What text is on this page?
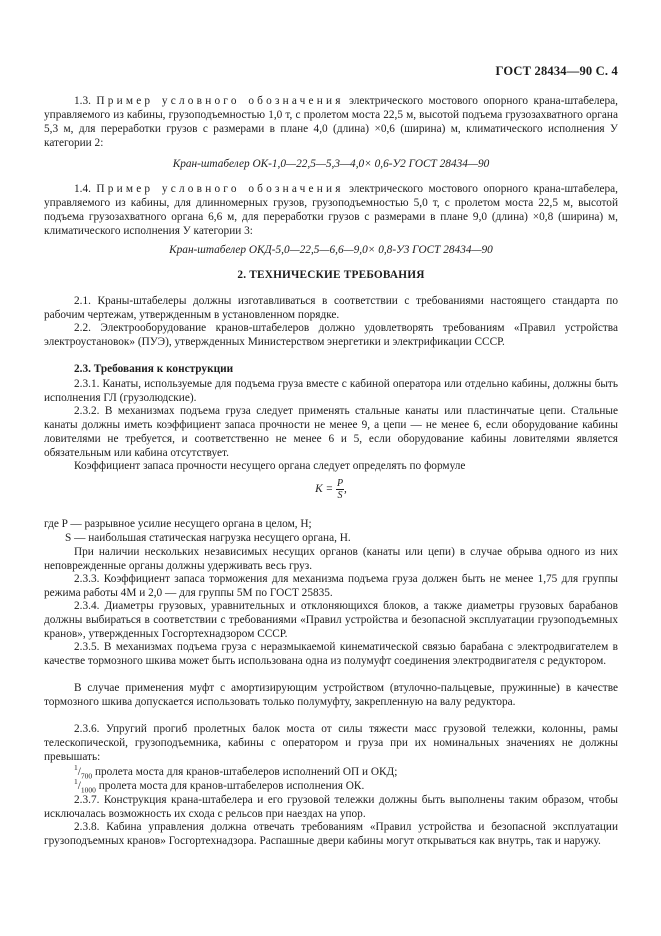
ГОСТ 28434—90 С. 4

1.3. Пример условного обозначения электрического мостового опорного крана-штабелера, управляемого из кабины, грузоподъемностью 1,0 т, с пролетом моста 22,5 м, высотой подъема грузозахватного органа 5,3 м, для переработки грузов с размерами в плане 4,0 (длина) ×0,6 (ширина) м, климатического исполнения У категории 2:

Кран-штабелер ОК-1,0—22,5—5,3—4,0× 0,6-У2 ГОСТ 28434—90

1.4. Пример условного обозначения электрического мостового опорного крана-штабелера, управляемого из кабины, для длинномерных грузов, грузоподъемностью 5,0 т, с пролетом моста 22,5 м, высотой подъема грузозахватного органа 6,6 м, для переработки грузов с размерами в плане 9,0 (длина) ×0,8 (ширина) м, климатического исполнения У категории 3:

Кран-штабелер ОКД-5,0—22,5—6,6—9,0× 0,8-У3 ГОСТ 28434—90

2. ТЕХНИЧЕСКИЕ ТРЕБОВАНИЯ

2.1. Краны-штабелеры должны изготавливаться в соответствии с требованиями настоящего стандарта по рабочим чертежам, утвержденным в установленном порядке.

2.2. Электрооборудование кранов-штабелеров должно удовлетворять требованиям «Правил устройства электроустановок» (ПУЭ), утвержденных Министерством энергетики и электрификации СССР.

2.3. Требования к конструкции

2.3.1. Канаты, используемые для подъема груза вместе с кабиной оператора или отдельно кабины, должны быть исполнения ГЛ (грузолюдские).

2.3.2. В механизмах подъема груза следует применять стальные канаты или пластинчатые цепи. Стальные канаты должны иметь коэффициент запаса прочности не менее 9, а цепи — не менее 6, если оборудование кабины ловителями не требуется, и соответственно не менее 6 и 5, если оборудование кабины ловителями является обязательным или кабина отсутствует.

Коэффициент запаса прочности несущего органа следует определять по формуле

$K = \frac{P}{S}$ ,

где P — разрывное усилие несущего органа в целом, Н;

S — наибольшая статическая нагрузка несущего органа, Н.

При наличии нескольких независимых несущих органов (канаты или цепи) в случае обрыва одного из них неповрежденные органы должны удерживать весь груз.

2.3.3. Коэффициент запаса торможения для механизма подъема груза должен быть не менее 1,75 для группы режима работы 4М и 2,0 — для группы 5М по ГОСТ 25835.

2.3.4. Диаметры грузовых, уравнительных и отклоняющихся блоков, а также диаметры грузовых барабанов должны выбираться в соответствии с требованиями «Правил устройства и безопасной эксплуатации грузоподъемных кранов», утвержденных Госгортехнадзором СССР.

2.3.5. В механизмах подъема груза с неразмыкаемой кинематической связью барабана с электродвигателем в качестве тормозного шкива может быть использована одна из полумуфт соединения электродвигателя с редуктором.

В случае применения муфт с амортизирующим устройством (втулочно-пальцевые, пружинные) в качестве тормозного шкива допускается использовать только полумуфту, закрепленную на валу редуктора.

2.3.6. Упругий прогиб пролетных балок моста от силы тяжести масс грузовой тележки, колонны, рамы телескопической, грузоподъемника, кабины с оператором и груза при их номинальных значениях не должны превышать:

$^1/_{700}$ пролета моста для кранов-штабелеров исполнений ОП и ОКД;

$^1/_{1000}$ пролета моста для кранов-штабелеров исполнения ОК.

2.3.7. Конструкция крана-штабелера и его грузовой тележки должны быть выполнены таким образом, чтобы исключалась возможность их схода с рельсов при наездах на упор.

2.3.8. Кабина управления должна отвечать требованиям «Правил устройства и безопасной эксплуатации грузоподъемных кранов» Госгортехнадзора. Распашные двери кабины могут открываться как внутрь, так и наружу.
